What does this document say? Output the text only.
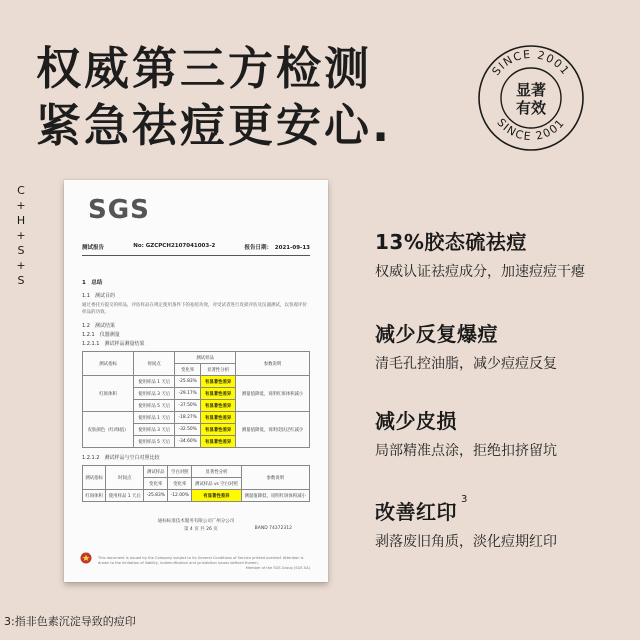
权威第三方检测
紧急祛痘更安心.
SINCE 2001
SINCE 2001
显著
有效
C
+
H
+
S
+
S
SGS
测试报告	No: GZCPCH2107041003-2	报告日期：　2021-09-13
1　总结
1.1　测试目的
通过委托方提交的样品，评估样品在规定使用条件下的祛痘功效，对受试者进行皮损评估及仪器测试，以客观评价样品的功效。
1.2　测试结果
1.2.1　仪器测量
1.2.1.1　测试样品测量结果
测试指标	时间点	测试样品		参数说明
		变化率	显著性分析	
红斑体积	使用样品 1 天后	-25.83%	有显著性差异	测量值降低，说明红斑体积减小
	使用样品 3 天后	-29.17%	有显著性差异	
	使用样品 5 天后	-37.50%	有显著性差异	
皮肤颜色（红/绿值）	使用样品 1 天后	-18.27%	有显著性差异	测量值降低，说明皮肤泛红减少
	使用样品 3 天后	-32.50%	有显著性差异	
	使用样品 5 天后	-34.60%	有显著性差异	
1.2.1.2　测试样品与空白对照比较
测试指标	时间点	测试样品	空白对照	显著性分析	参数说明
		变化率	变化率	测试样品 vs 空白对照	
红斑体积	使用样品 1 天后	-25.83%	-12.00%	有显著性差异	测量值降低，说明红斑体积减小
通标标准技术服务有限公司广州分公司
第 4 页 共 26 页	BAND 74372312
This document is issued by the Company subject to its General Conditions of Service printed overleaf. Attention is drawn to the limitation of liability, indemnification and jurisdiction issues defined therein.
Member of the SGS Group (SGS SA)
13%胶态硫祛痘
权威认证祛痘成分，加速痘痘干瘪
减少反复爆痘
清毛孔控油脂，减少痘痘反复
减少皮损
局部精准点涂，拒绝扣挤留坑
改善红印$^3$
剥落废旧角质，淡化痘期红印
3:指非色素沉淀导致的痘印
